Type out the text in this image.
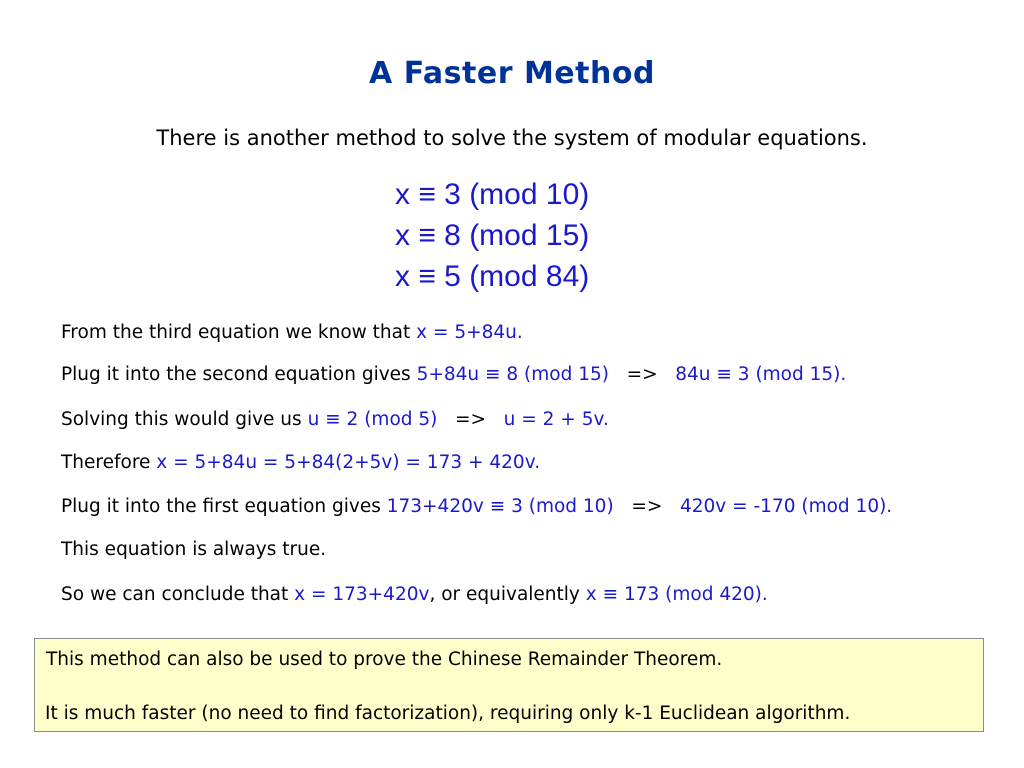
A Faster Method
There is another method to solve the system of modular equations.
x ≡ 3 (mod 10)
x ≡ 8 (mod 15)
x ≡ 5 (mod 84)
From the third equation we know that x = 5+84u.
Plug it into the second equation gives 5+84u ≡ 8 (mod 15)   =>   84u ≡ 3 (mod 15).
Solving this would give us u ≡ 2 (mod 5)   =>   u = 2 + 5v.
Therefore x = 5+84u = 5+84(2+5v) = 173 + 420v.
Plug it into the first equation gives 173+420v ≡ 3 (mod 10)   =>   420v = -170 (mod 10).
This equation is always true.
So we can conclude that x = 173+420v, or equivalently x ≡ 173 (mod 420).
This method can also be used to prove the Chinese Remainder Theorem.
It is much faster (no need to find factorization), requiring only k-1 Euclidean algorithm.
